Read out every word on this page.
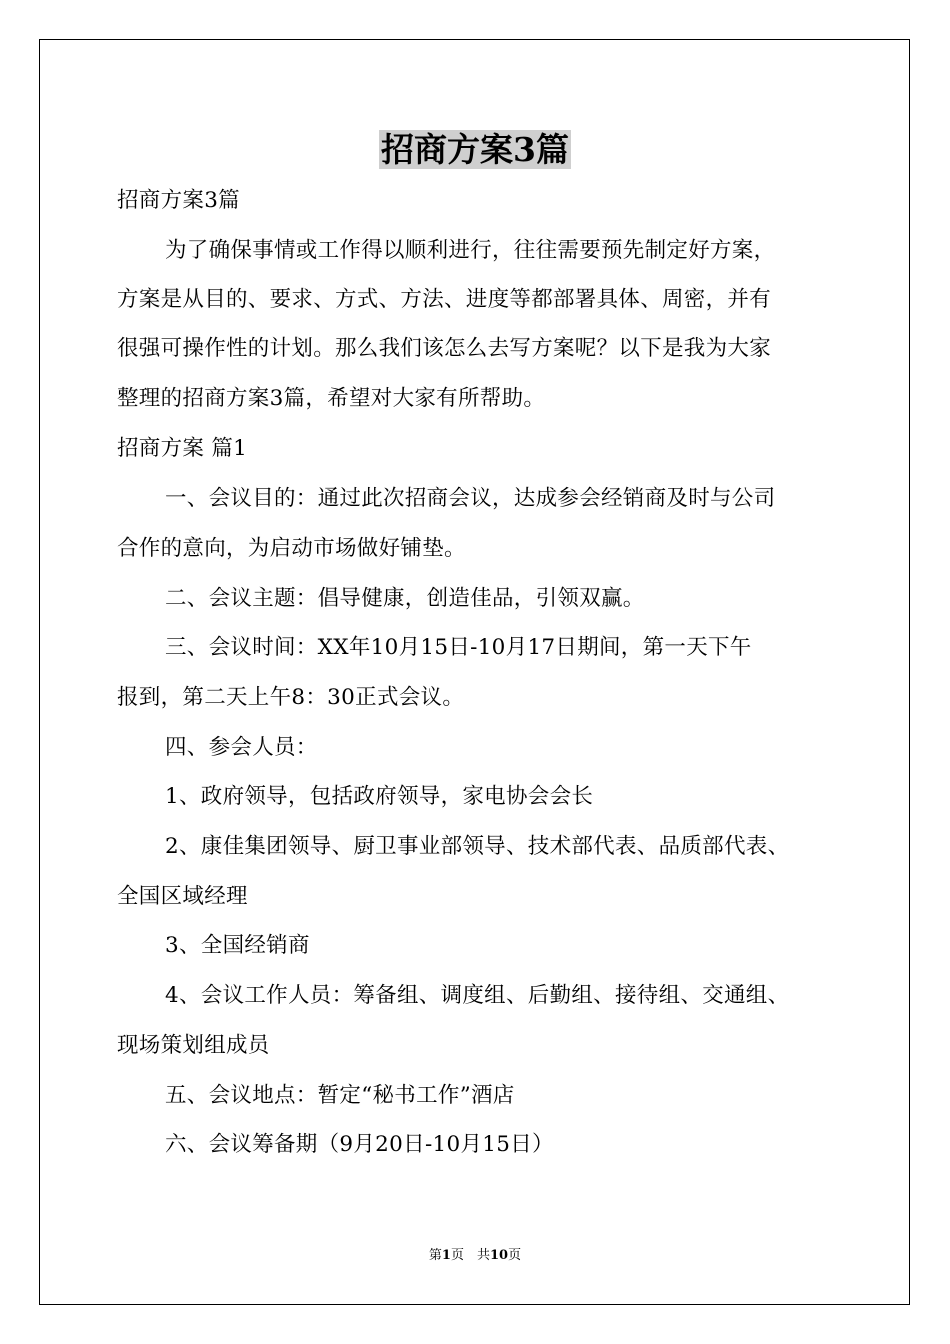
招商方案3篇
招商方案3篇
为了确保事情或工作得以顺利进行，往往需要预先制定好方案，
方案是从目的、要求、方式、方法、进度等都部署具体、周密，并有
很强可操作性的计划。那么我们该怎么去写方案呢？以下是我为大家
整理的招商方案3篇，希望对大家有所帮助。
招商方案 篇1
一、会议目的：通过此次招商会议，达成参会经销商及时与公司
合作的意向，为启动市场做好铺垫。
二、会议主题：倡导健康，创造佳品，引领双赢。
三、会议时间：XX年10月15日-10月17日期间，第一天下午
报到，第二天上午8：30正式会议。
四、参会人员：
1、政府领导，包括政府领导，家电协会会长
2、康佳集团领导、厨卫事业部领导、技术部代表、品质部代表、
全国区域经理
3、全国经销商
4、会议工作人员：筹备组、调度组、后勤组、接待组、交通组、
现场策划组成员
五、会议地点：暂定“秘书工作”酒店
六、会议筹备期（9月20日-10月15日）
第1页　共10页
